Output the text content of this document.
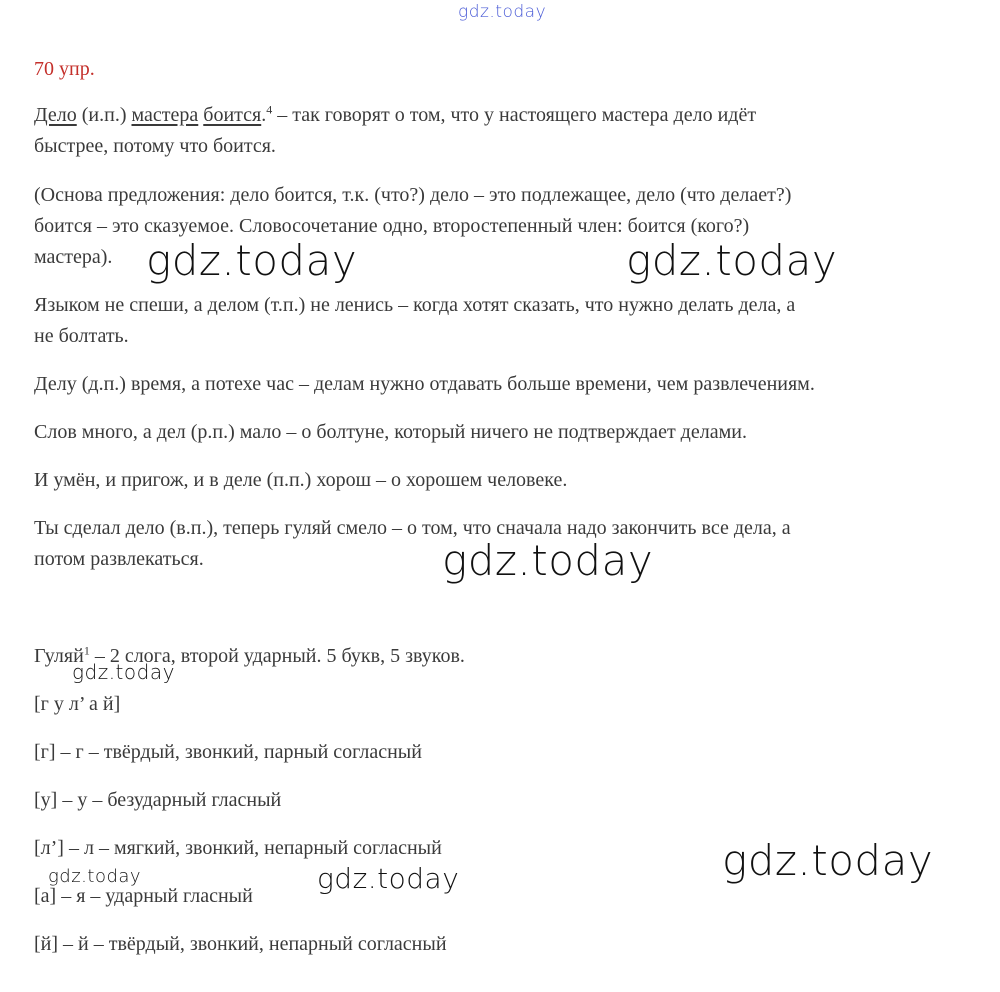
gdz.today

70 упр.

Дело (и.п.) мастера боится.$^4$ – так говорят о том, что у настоящего мастера дело идёт

быстрее, потому что боится.

(Основа предложения: дело боится, т.к. (что?) дело – это подлежащее, дело (что делает?)

боится – это сказуемое. Словосочетание одно, второстепенный член: боится (кого?)

мастера).

Языком не спеши, а делом (т.п.) не ленись – когда хотят сказать, что нужно делать дела, а

не болтать.

Делу (д.п.) время, а потехе час – делам нужно отдавать больше времени, чем развлечениям.

Слов много, а дел (р.п.) мало – о болтуне, который ничего не подтверждает делами.

И умён, и пригож, и в деле (п.п.) хорош – о хорошем человеке.

Ты сделал дело (в.п.), теперь гуляй смело – о том, что сначала надо закончить все дела, а

потом развлекаться.

Гуляй$^1$ – 2 слога, второй ударный. 5 букв, 5 звуков.

[г у л’ а й]

[г] – г – твёрдый, звонкий, парный согласный

[у] – у – безударный гласный

[л’] – л – мягкий, звонкий, непарный согласный

[а] – я – ударный гласный

[й] – й – твёрдый, звонкий, непарный согласный

gdz.today	gdz.today
gdz.today
gdz.today
gdz.today
gdz.today
gdz.today
